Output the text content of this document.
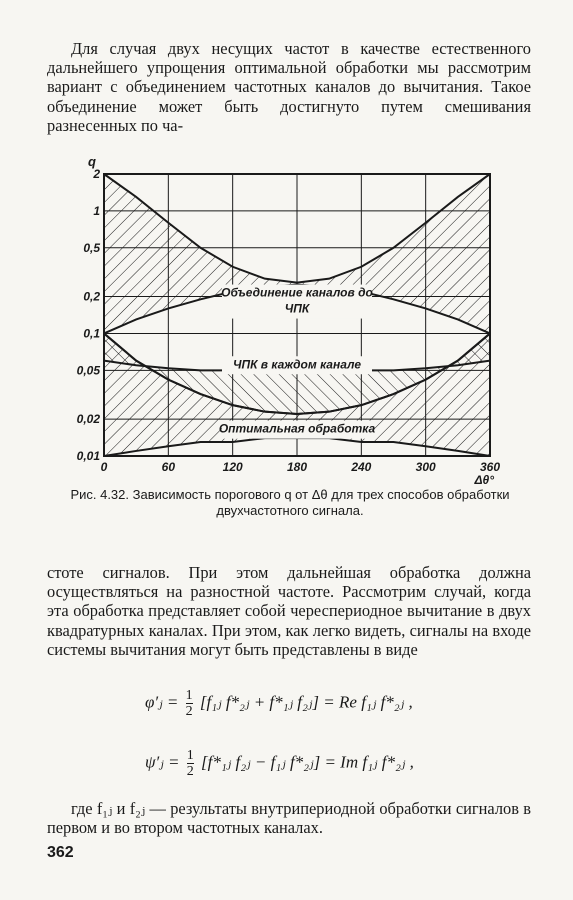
Для случая двух несущих частот в качестве естественного дальнейшего упрощения оптимальной обработки мы рассмотрим вариант с объединением частотных каналов до вычитания. Такое объединение может быть достигнуто путем смешивания разнесенных по ча-

0	60	120	180	240	300	360
0,01
0,02
0,05
0,1
0,2
0,5
1
2
q
Δθ°
Объединение каналов до
ЧПК
ЧПК в каждом канале
Оптимальная обработка

Рис. 4.32. Зависимость порогового q от Δθ для трех способов обработки двухчастотного сигнала.

стоте сигналов. При этом дальнейшая обработка должна осуществляться на разностной частоте. Рассмотрим случай, когда эта обработка представляет собой череспериодное вычитание в двух квадратурных каналах. При этом, как легко видеть, сигналы на входе системы вычитания могут быть представлены в виде

φ′ⱼ = $\frac{1}{2}$ [f₁ⱼ f*₂ⱼ + f*₁ⱼ f₂ⱼ] = Re f₁ⱼ f*₂ⱼ ,
ψ′ⱼ = $\frac{1}{2}$ [f*₁ⱼ f₂ⱼ − f₁ⱼ f*₂ⱼ] = Im f₁ⱼ f*₂ⱼ ,

где f₁ⱼ и f₂ⱼ — результаты внутрипериодной обработки сигналов в первом и во втором частотных каналах.

362
